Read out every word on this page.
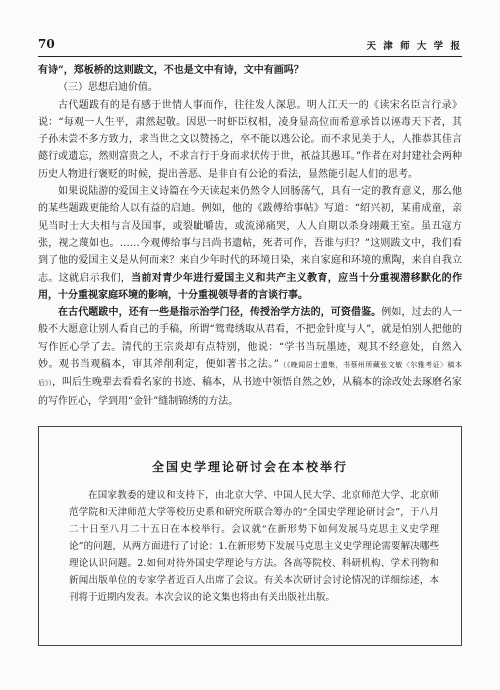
70	天 津 师 大 学 报

有诗”，郑板桥的这则跋文，不也是文中有诗，文中有画吗？

（三）思想启迪价值。

古代题跋有的是有感于世情人事而作，往往发人深思。明人江天一的《读宋名臣言行录》说：“每观一人生平，肃然起敬。因思一时虾臣权相，凌身显高位而希意承旨以诬毒天下者，其子孙未尝不多方致力，求当世之文以赞扬之，卒不能以逃公论。而不求见美于人，人推恭其佳言懿行或遗忘，然则富贵之人，不求言行于身而求状传于世，祇益其愚耳。”作者在对封建社会两种历史人物进行褒贬的时候，提出善恶、是非自有公论的看法，显然能引起人们的思考。

如果说陆游的爱国主义诗篇在今天读起来仍然令人回肠荡气，具有一定的教育意义，那么他的某些题跋更能给人以有益的启迪。例如，他的《跋傅给事帖》写道：“绍兴初，某甫成童，亲见当时士大夫相与言及国事，或裂眦嚼齿，或流涕痛哭，人人自期以杀身翊戴王室。虽丑寇方张，视之蔑如也。……今观傅给事与吕尚书遗帖，死者可作，吾谁与归？”这则跋文中，我们看到了他的爱国主义是从何而来？来自少年时代的环境日染，来自家庭和环境的熏陶，来自自我立志。这就启示我们，当前对青少年进行爱国主义和共产主义教育，应当十分重视潜移默化的作用，十分重视家庭环境的影响，十分重视领导者的言谈行事。

在古代题跋中，还有一些是指示治学门径，传授治学方法的，可资借鉴。例如，过去的人一般不大愿意让别人看自己的手稿，所谓“鸳鸯绣取从君看，不把金针度与人”，就是怕别人把他的写作匠心学了去。清代的王宗炎却有点特别，他说：“学书当玩墨迹，观其不经意处，自然入妙。观书当观稿本，审其斧削利定，便如著书之法。”（《晚闻居士遗集，书蔡州所藏张文敏〈尔雅考证〉稿本后》），叫后生晚辈去看看名家的书迹、稿本，从书迹中领悟自然之妙，从稿本的涂改处去琢磨名家的写作匠心，学到用“金针”缝制锦绣的方法。

全国史学理论研讨会在本校举行

在国家教委的建议和支持下，由北京大学、中国人民大学、北京师范大学、北京师范学院和天津师范大学等校历史系和研究所联合筹办的“全国史学理论研讨会”，于八月二十日至八月二十五日在本校举行。会议就“在新形势下如何发展马克思主义史学理论”的问题，从两方面进行了讨论：1.在新形势下发展马克思主义史学理论需要解决哪些理论认识问题。2.如何对待外国史学理论与方法。各高等院校、科研机构、学术刊物和新闻出版单位的专家学者近百人出席了会议。有关本次研讨会讨论情况的详细综述，本刊将于近期内发表。本次会议的论文集也将由有关出版社出版。
